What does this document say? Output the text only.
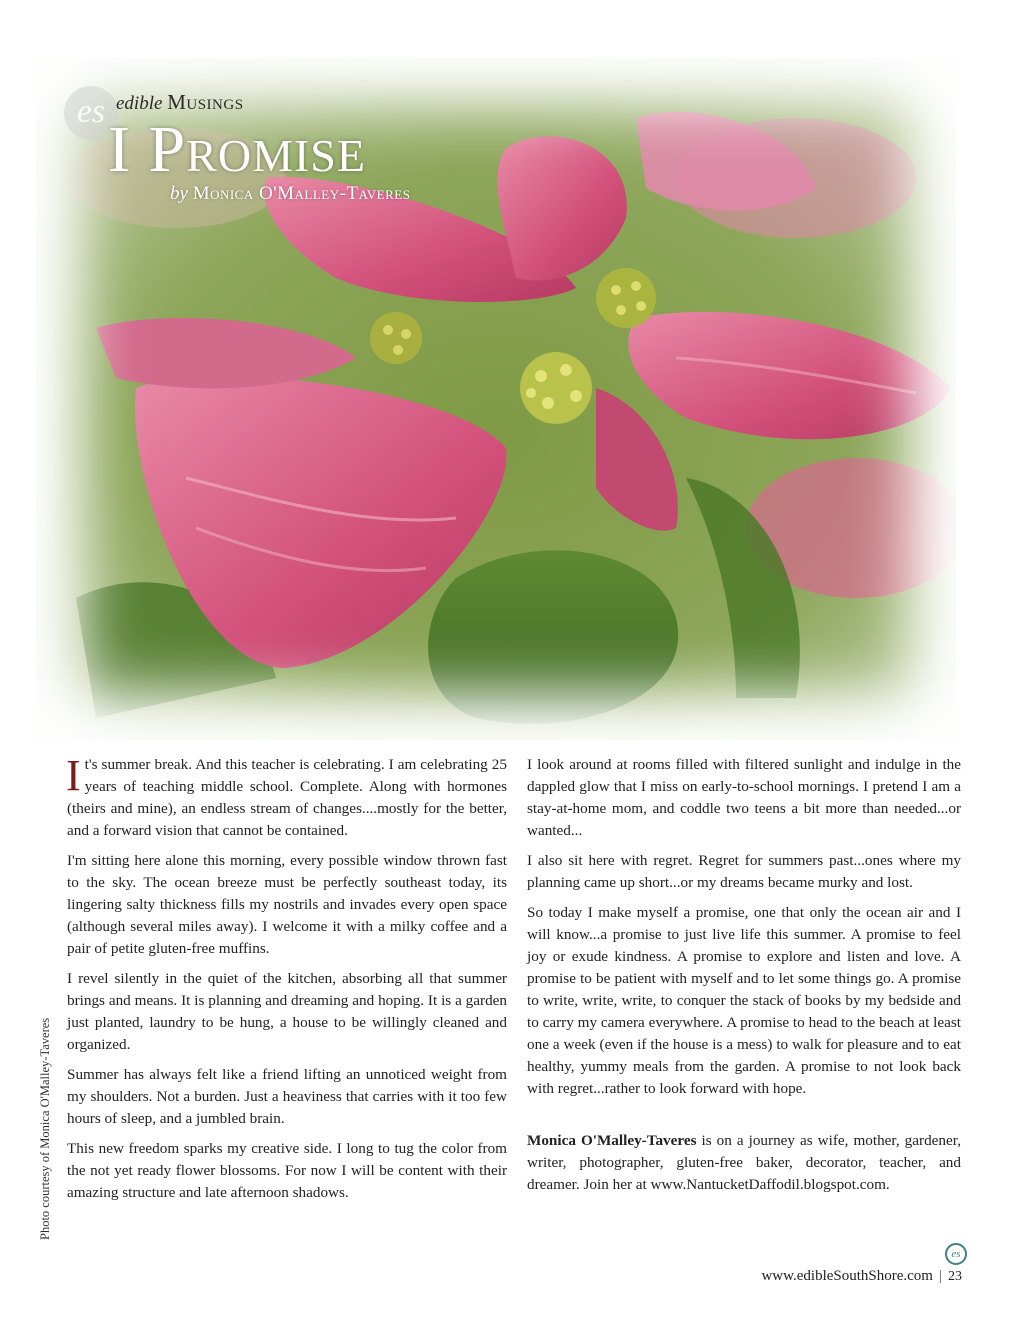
es edible Musings
I Promise
by Monica O'Malley-Taveres
Photo courtesy of Monica O'Malley-Taveres

It's summer break. And this teacher is celebrating. I am celebrating 25 years of teaching middle school. Complete. Along with hormones (theirs and mine), an endless stream of changes....mostly for the better, and a forward vision that cannot be contained.

I'm sitting here alone this morning, every possible window thrown fast to the sky. The ocean breeze must be perfectly southeast today, its lingering salty thickness fills my nostrils and invades every open space (although several miles away). I welcome it with a milky coffee and a pair of petite gluten-free muffins.

I revel silently in the quiet of the kitchen, absorbing all that summer brings and means. It is planning and dreaming and hoping. It is a garden just planted, laundry to be hung, a house to be willingly cleaned and organized.

Summer has always felt like a friend lifting an unnoticed weight from my shoulders. Not a burden. Just a heaviness that carries with it too few hours of sleep, and a jumbled brain.

This new freedom sparks my creative side. I long to tug the color from the not yet ready flower blossoms. For now I will be content with their amazing structure and late afternoon shadows.

I look around at rooms filled with filtered sunlight and indulge in the dappled glow that I miss on early-to-school mornings. I pretend I am a stay-at-home mom, and coddle two teens a bit more than needed...or wanted...

I also sit here with regret. Regret for summers past...ones where my planning came up short...or my dreams became murky and lost.

So today I make myself a promise, one that only the ocean air and I will know...a promise to just live life this summer. A promise to feel joy or exude kindness. A promise to explore and listen and love. A promise to be patient with myself and to let some things go. A promise to write, write, write, to conquer the stack of books by my bedside and to carry my camera everywhere. A promise to head to the beach at least one a week (even if the house is a mess) to walk for pleasure and to eat healthy, yummy meals from the garden. A promise to not look back with regret...rather to look forward with hope.

Monica O'Malley-Taveres is on a journey as wife, mother, gardener, writer, photographer, gluten-free baker, decorator, teacher, and dreamer. Join her at www.NantucketDaffodil.blogspot.com.

es
www.edibleSouthShore.com | 23
